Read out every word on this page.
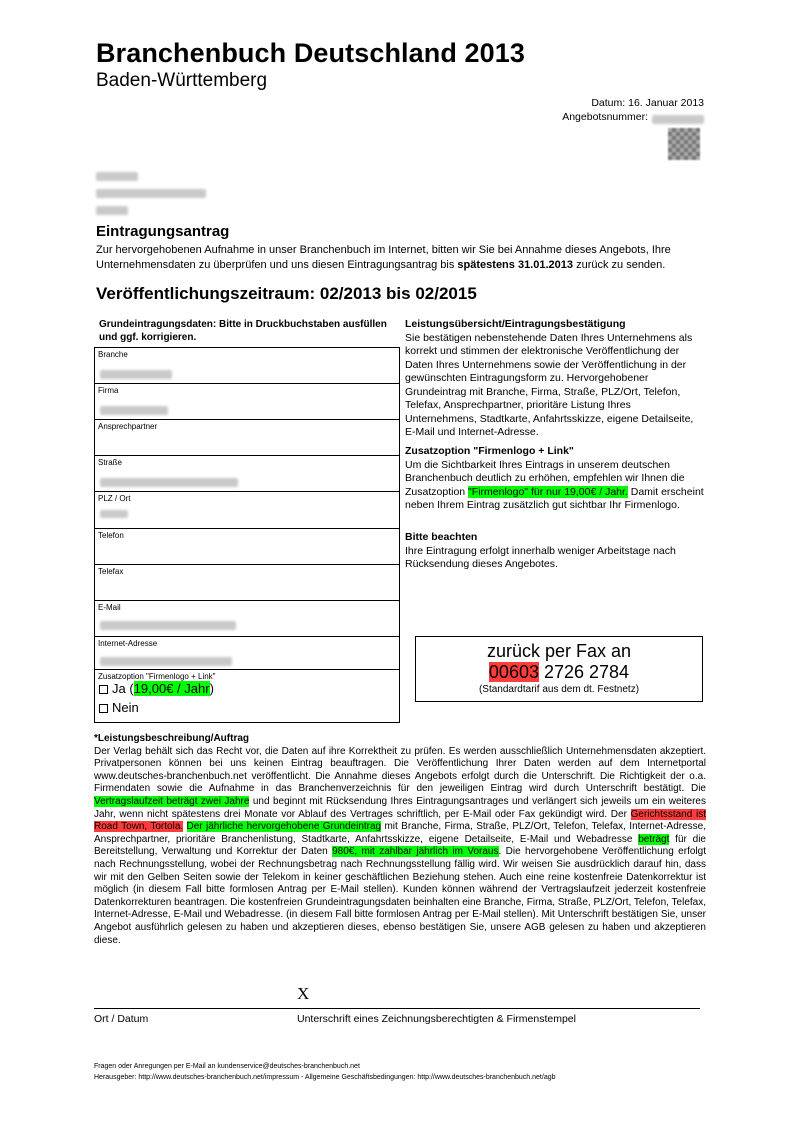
Branchenbuch Deutschland 2013
Baden-Württemberg
Datum: 16. Januar 2013
Angebotsnummer:
Eintragungsantrag
Zur hervorgehobenen Aufnahme in unser Branchenbuch im Internet, bitten wir Sie bei Annahme dieses Angebots, Ihre Unternehmensdaten zu überprüfen und uns diesen Eintragungsantrag bis spätestens 31.01.2013 zurück zu senden.
Veröffentlichungszeitraum: 02/2013 bis 02/2015
Grundeintragungsdaten: Bitte in Druckbuchstaben ausfüllen und ggf. korrigieren.
Branche
Firma
Ansprechpartner
Straße
PLZ / Ort
Telefon
Telefax
E-Mail
Internet-Adresse
Zusatzoption "Firmenlogo + Link"
Ja (19,00€ / Jahr)
Nein
Leistungsübersicht/Eintragungsbestätigung
Sie bestätigen nebenstehende Daten Ihres Unternehmens als korrekt und stimmen der elektronische Veröffentlichung der Daten Ihres Unternehmens sowie der Veröffentlichung in der gewünschten Eintragungsform zu. Hervorgehobener Grundeintrag mit Branche, Firma, Straße, PLZ/Ort, Telefon, Telefax, Ansprechpartner, prioritäre Listung Ihres Unternehmens, Stadtkarte, Anfahrtsskizze, eigene Detailseite, E-Mail und Internet-Adresse.
Zusatzoption "Firmenlogo + Link"
Um die Sichtbarkeit Ihres Eintrags in unserem deutschen Branchenbuch deutlich zu erhöhen, empfehlen wir Ihnen die Zusatzoption "Firmenlogo" für nur 19,00€ / Jahr. Damit erscheint neben Ihrem Eintrag zusätzlich gut sichtbar Ihr Firmenlogo.
Bitte beachten
Ihre Eintragung erfolgt innerhalb weniger Arbeitstage nach Rücksendung dieses Angebotes.
zurück per Fax an
00603 2726 2784
(Standardtarif aus dem dt. Festnetz)
*Leistungsbeschreibung/Auftrag
Der Verlag behält sich das Recht vor, die Daten auf ihre Korrektheit zu prüfen. Es werden ausschließlich Unternehmensdaten akzeptiert. Privatpersonen können bei uns keinen Eintrag beauftragen. Die Veröffentlichung Ihrer Daten werden auf dem Internetportal www.deutsches-branchenbuch.net veröffentlicht. Die Annahme dieses Angebots erfolgt durch die Unterschrift. Die Richtigkeit der o.a. Firmendaten sowie die Aufnahme in das Branchenverzeichnis für den jeweiligen Eintrag wird durch Unterschrift bestätigt. Die Vertragslaufzeit beträgt zwei Jahre und beginnt mit Rücksendung Ihres Eintragungsantrages und verlängert sich jeweils um ein weiteres Jahr, wenn nicht spätestens drei Monate vor Ablauf des Vertrages schriftlich, per E-Mail oder Fax gekündigt wird. Der Gerichtsstand ist Road Town, Tortola. Der jährliche hervorgehobene Grundeintrag mit Branche, Firma, Straße, PLZ/Ort, Telefon, Telefax, Internet-Adresse, Ansprechpartner, prioritäre Branchenlistung, Stadtkarte, Anfahrtsskizze, eigene Detailseite, E-Mail und Webadresse beträgt für die Bereitstellung, Verwaltung und Korrektur der Daten 980€, mit zahlbar jährlich im Voraus. Die hervorgehobene Veröffentlichung erfolgt nach Rechnungsstellung, wobei der Rechnungsbetrag nach Rechnungsstellung fällig wird. Wir weisen Sie ausdrücklich darauf hin, dass wir mit den Gelben Seiten sowie der Telekom in keiner geschäftlichen Beziehung stehen. Auch eine reine kostenfreie Datenkorrektur ist möglich (in diesem Fall bitte formlosen Antrag per E-Mail stellen). Kunden können während der Vertragslaufzeit jederzeit kostenfreie Datenkorrekturen beantragen. Die kostenfreien Grundeintragungsdaten beinhalten eine Branche, Firma, Straße, PLZ/Ort, Telefon, Telefax, Internet-Adresse, E-Mail und Webadresse. (in diesem Fall bitte formlosen Antrag per E-Mail stellen). Mit Unterschrift bestätigen Sie, unser Angebot ausführlich gelesen zu haben und akzeptieren dieses, ebenso bestätigen Sie, unsere AGB gelesen zu haben und akzeptieren diese.
X
Ort / Datum	Unterschrift eines Zeichnungsberechtigten & Firmenstempel
Fragen oder Anregungen per E-Mail an kundenservice@deutsches-branchenbuch.net
Herausgeber: http://www.deutsches-branchenbuch.net/impressum - Allgemeine Geschäftsbedingungen: http://www.deutsches-branchenbuch.net/agb
